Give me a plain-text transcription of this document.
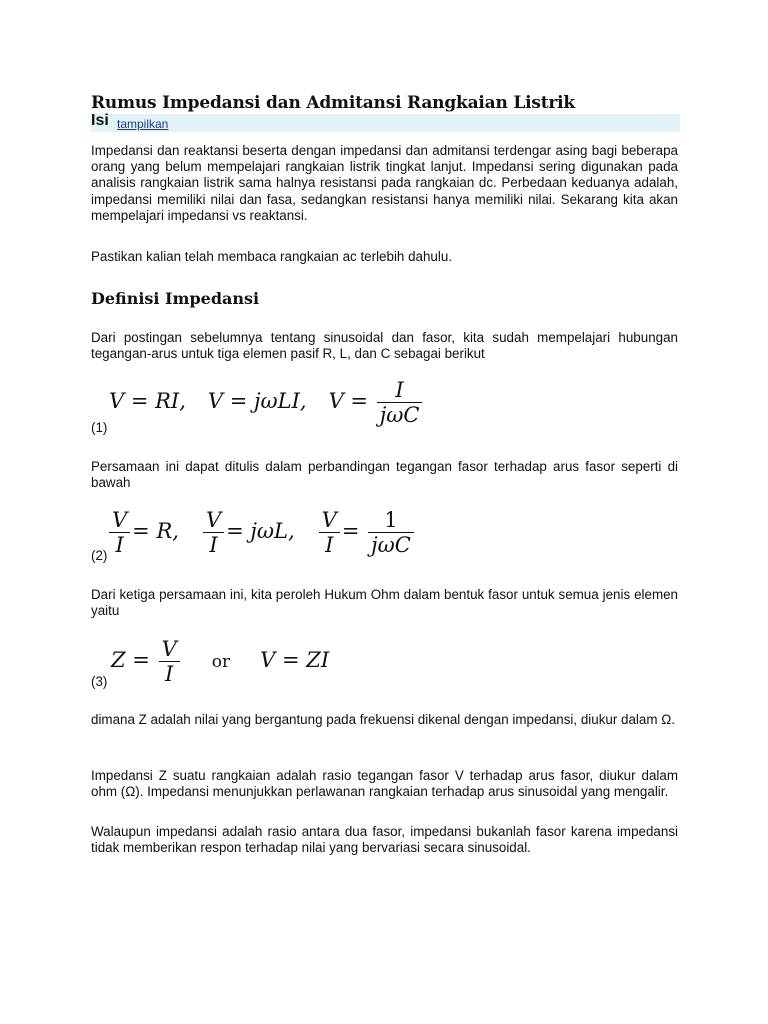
Rumus Impedansi dan Admitansi Rangkaian Listrik
Isi tampilkan

Impedansi dan reaktansi beserta dengan impedansi dan admitansi terdengar asing bagi beberapa orang yang belum mempelajari rangkaian listrik tingkat lanjut. Impedansi sering digunakan pada analisis rangkaian listrik sama halnya resistansi pada rangkaian dc. Perbedaan keduanya adalah, impedansi memiliki nilai dan fasa, sedangkan resistansi hanya memiliki nilai. Sekarang kita akan mempelajari impedansi vs reaktansi.

Pastikan kalian telah membaca rangkaian ac terlebih dahulu.

Definisi Impedansi

Dari postingan sebelumnya tentang sinusoidal dan fasor, kita sudah mempelajari hubungan tegangan-arus untuk tiga elemen pasif R, L, dan C sebagai berikut

(1)
V = RI, V = jωLI, $V = \frac{I}{\text{jωC}}$

Persamaan ini dapat ditulis dalam perbandingan tegangan fasor terhadap arus fasor seperti di bawah

$(2) \frac{V}{I} = R$, $\frac{V}{I} = j\omega L$, $\frac{V}{I} = \frac{1}{\text{jωC}}$

Dari ketiga persamaan ini, kita peroleh Hukum Ohm dalam bentuk fasor untuk semua jenis elemen yaitu

(3)
$Z = \frac{V}{I}$ or V = ZI

dimana Z adalah nilai yang bergantung pada frekuensi dikenal dengan impedansi, diukur dalam Ω.

Impedansi Z suatu rangkaian adalah rasio tegangan fasor V terhadap arus fasor, diukur dalam ohm (Ω). Impedansi menunjukkan perlawanan rangkaian terhadap arus sinusoidal yang mengalir.

Walaupun impedansi adalah rasio antara dua fasor, impedansi bukanlah fasor karena impedansi tidak memberikan respon terhadap nilai yang bervariasi secara sinusoidal.
